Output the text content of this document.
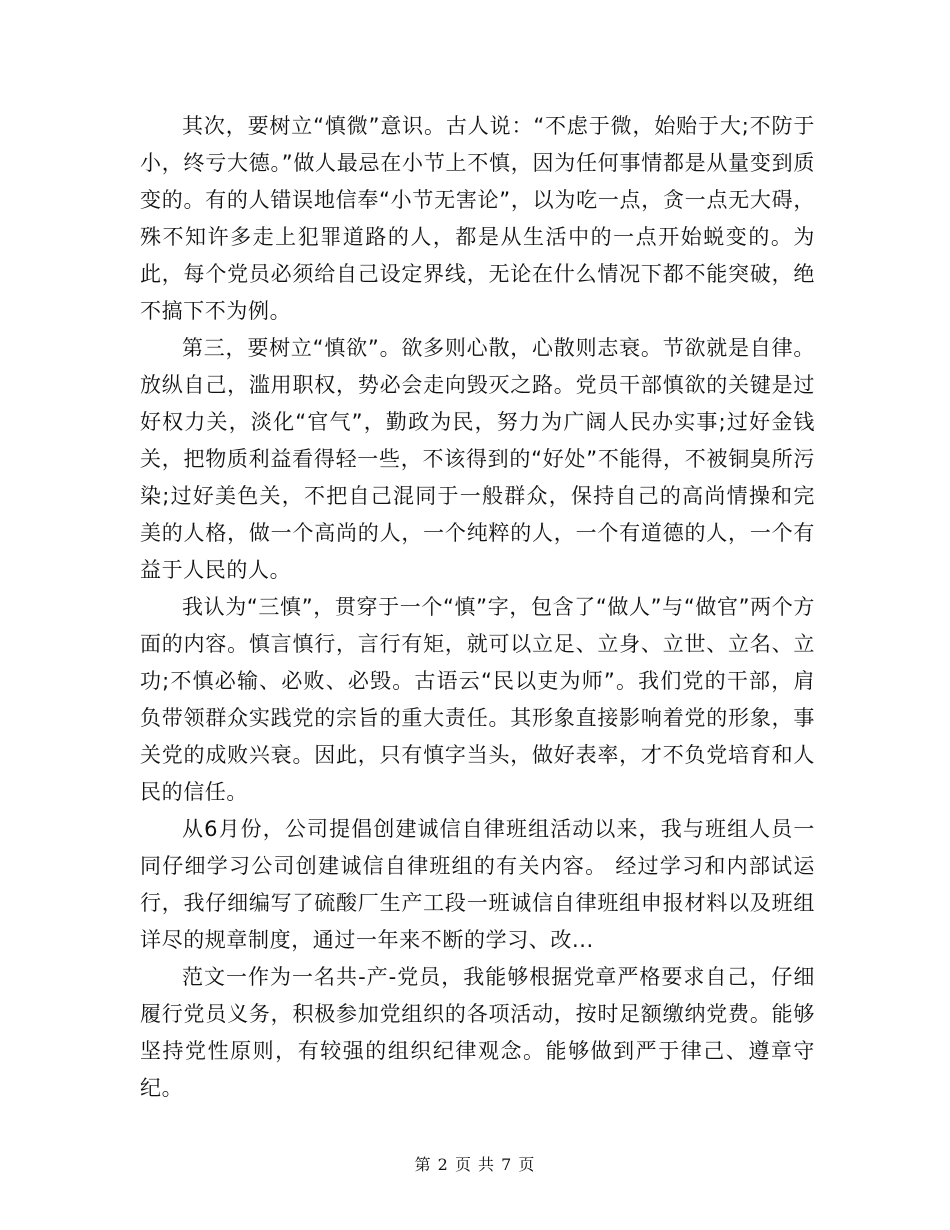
其次，要树立“慎微”意识。古人说：“不虑于微，始贻于大;不防于小，终亏大德。”做人最忌在小节上不慎，因为任何事情都是从量变到质变的。有的人错误地信奉“小节无害论”，以为吃一点，贪一点无大碍，殊不知许多走上犯罪道路的人，都是从生活中的一点开始蜕变的。为此，每个党员必须给自己设定界线，无论在什么情况下都不能突破，绝不搞下不为例。

第三，要树立“慎欲”。欲多则心散，心散则志衰。节欲就是自律。放纵自己，滥用职权，势必会走向毁灭之路。党员干部慎欲的关键是过好权力关，淡化“官气”，勤政为民，努力为广阔人民办实事;过好金钱关，把物质利益看得轻一些，不该得到的“好处”不能得，不被铜臭所污染;过好美色关，不把自己混同于一般群众，保持自己的高尚情操和完美的人格，做一个高尚的人，一个纯粹的人，一个有道德的人，一个有益于人民的人。

我认为“三慎”，贯穿于一个“慎”字，包含了“做人”与“做官”两个方面的内容。慎言慎行，言行有矩，就可以立足、立身、立世、立名、立功;不慎必输、必败、必毁。古语云“民以吏为师”。我们党的干部，肩负带领群众实践党的宗旨的重大责任。其形象直接影响着党的形象，事关党的成败兴衰。因此，只有慎字当头，做好表率，才不负党培育和人民的信任。

从6月份，公司提倡创建诚信自律班组活动以来，我与班组人员一同仔细学习公司创建诚信自律班组的有关内容。 经过学习和内部试运行，我仔细编写了硫酸厂生产工段一班诚信自律班组申报材料以及班组详尽的规章制度，通过一年来不断的学习、改...

范文一作为一名共-产-党员，我能够根据党章严格要求自己，仔细履行党员义务，积极参加党组织的各项活动，按时足额缴纳党费。能够坚持党性原则，有较强的组织纪律观念。能够做到严于律己、遵章守纪。

第 2 页 共 7 页
